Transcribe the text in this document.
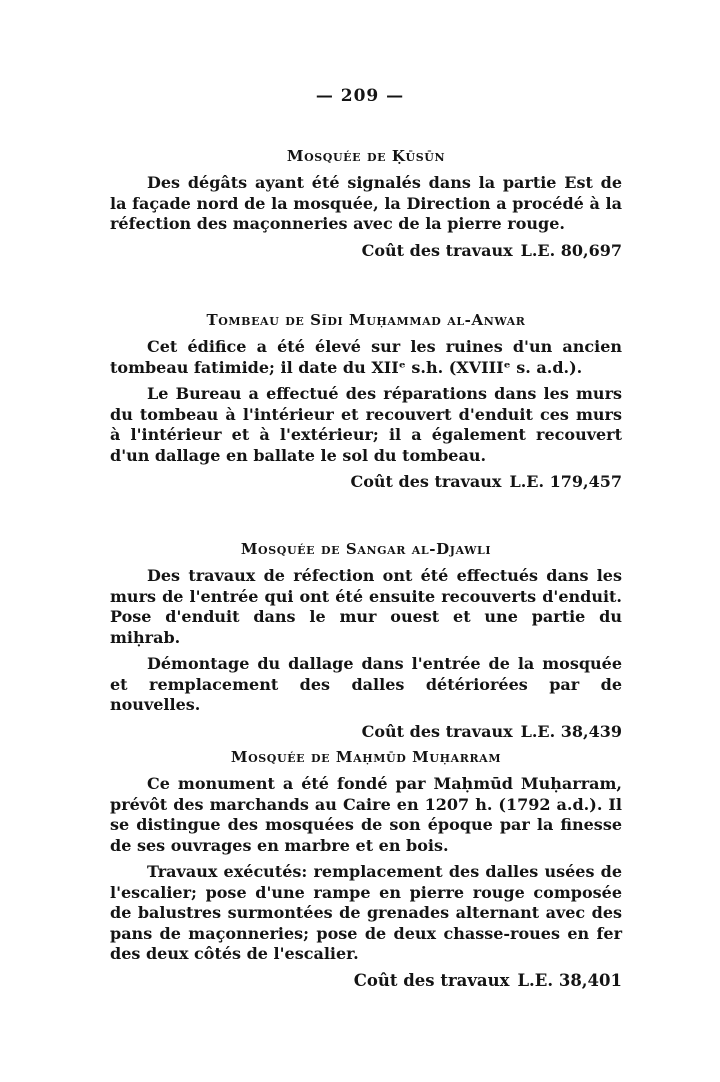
— 209 —
Mosquée de Ḳūsūn

Des dégâts ayant été signalés dans la partie Est de la façade nord de la mosquée, la Direction a procédé à la réfection des maçonneries avec de la pierre rouge.

Coût des travaux L.E. 80,697
Tombeau de Sīdi Muḥammad al-Anwar

Cet édifice a été élevé sur les ruines d'un ancien tombeau fatimide; il date du XIIᵉ s.h. (XVIIIᵉ s. a.d.).

Le Bureau a effectué des réparations dans les murs du tombeau à l'intérieur et recouvert d'enduit ces murs à l'intérieur et à l'extérieur; il a également recouvert d'un dallage en ballate le sol du tombeau.

Coût des travaux L.E. 179,457
Mosquée de Sangar al-Djawli

Des travaux de réfection ont été effectués dans les murs de l'entrée qui ont été ensuite recouverts d'enduit. Pose d'enduit dans le mur ouest et une partie du miḥrab.

Démontage du dallage dans l'entrée de la mosquée et remplacement des dalles détériorées par de nouvelles.

Coût des travaux L.E. 38,439
Mosquée de Maḥmūd Muḥarram

Ce monument a été fondé par Maḥmūd Muḥarram, prévôt des marchands au Caire en 1207 h. (1792 a.d.). Il se distingue des mosquées de son époque par la finesse de ses ouvrages en marbre et en bois.

Travaux exécutés: remplacement des dalles usées de l'escalier; pose d'une rampe en pierre rouge composée de balustres surmontées de grenades alternant avec des pans de maçonneries; pose de deux chasse-roues en fer des deux côtés de l'escalier.

Coût des travaux L.E. 38,401
